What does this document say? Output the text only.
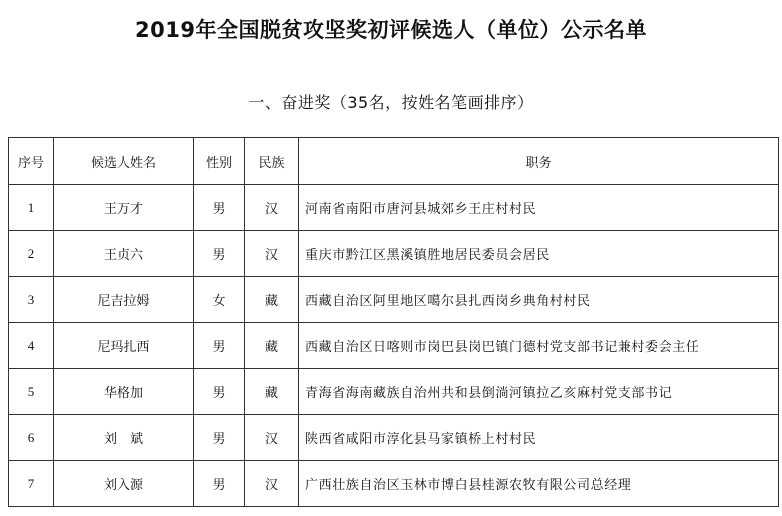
2019年全国脱贫攻坚奖初评候选人（单位）公示名单
一、奋进奖（35名，按姓名笔画排序）
序号	候选人姓名	性别	民族	职务
1	王万才	男	汉	河南省南阳市唐河县城郊乡王庄村村民
2	王贞六	男	汉	重庆市黔江区黑溪镇胜地居民委员会居民
3	尼吉拉姆	女	藏	西藏自治区阿里地区噶尔县扎西岗乡典角村村民
4	尼玛扎西	男	藏	西藏自治区日喀则市岗巴县岗巴镇门德村党支部书记兼村委会主任
5	华格加	男	藏	青海省海南藏族自治州共和县倒淌河镇拉乙亥麻村党支部书记
6	刘　斌	男	汉	陕西省咸阳市淳化县马家镇桥上村村民
7	刘入源	男	汉	广西壮族自治区玉林市博白县桂源农牧有限公司总经理
